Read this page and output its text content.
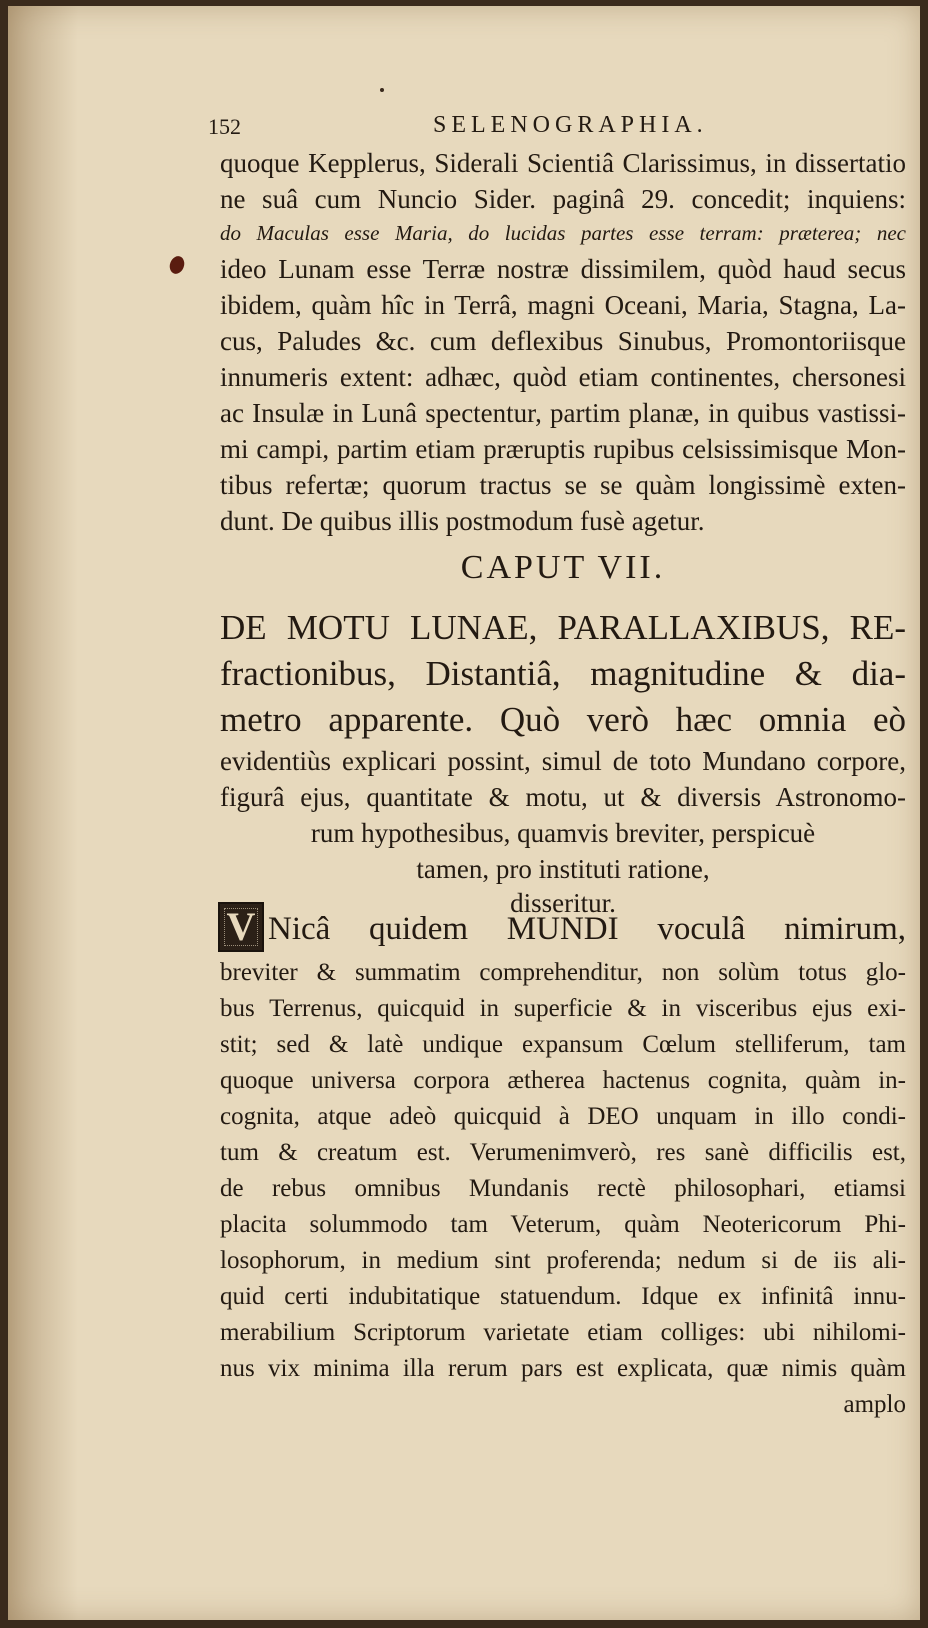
152	SELENOGRAPHIA.

quoque Kepplerus, Siderali Scientiâ Clarissimus, in dissertatio

ne suâ cum Nuncio Sider. paginâ 29. concedit; inquiens:

do Maculas esse Maria, do lucidas partes esse terram: præterea; nec

ideo Lunam esse Terræ nostræ dissimilem, quòd haud secus

ibidem, quàm hîc in Terrâ, magni Oceani, Maria, Stagna, La-

cus, Paludes &c. cum deflexibus Sinubus, Promontoriisque

innumeris extent: adhæc, quòd etiam continentes, chersonesi

ac Insulæ in Lunâ spectentur, partim planæ, in quibus vastissi-

mi campi, partim etiam præruptis rupibus celsissimisque Mon-

tibus refertæ; quorum tractus se se quàm longissimè exten-

dunt. De quibus illis postmodum fusè agetur.

CAPUT VII.

DE MOTU LUNAE, PARALLAXIBUS, RE-

fractionibus, Distantiâ, magnitudine & dia-

metro apparente. Quò verò hæc omnia eò

evidentiùs explicari possint, simul de toto Mundano corpore,

figurâ ejus, quantitate & motu, ut & diversis Astronomo-

rum hypothesibus, quamvis breviter, perspicuè

tamen, pro instituti ratione,

disseritur.

V Nicâ quidem MUNDI voculâ nimirum,

breviter & summatim comprehenditur, non solùm totus glo-

bus Terrenus, quicquid in superficie & in visceribus ejus exi-

stit; sed & latè undique expansum Cœlum stelliferum, tam

quoque universa corpora ætherea hactenus cognita, quàm in-

cognita, atque adeò quicquid à DEO unquam in illo condi-

tum & creatum est. Verumenimverò, res sanè difficilis est,

de rebus omnibus Mundanis rectè philosophari, etiamsi

placita solummodo tam Veterum, quàm Neotericorum Phi-

losophorum, in medium sint proferenda; nedum si de iis ali-

quid certi indubitatique statuendum. Idque ex infinitâ innu-

merabilium Scriptorum varietate etiam colliges: ubi nihilomi-

nus vix minima illa rerum pars est explicata, quæ nimis quàm

amplo
